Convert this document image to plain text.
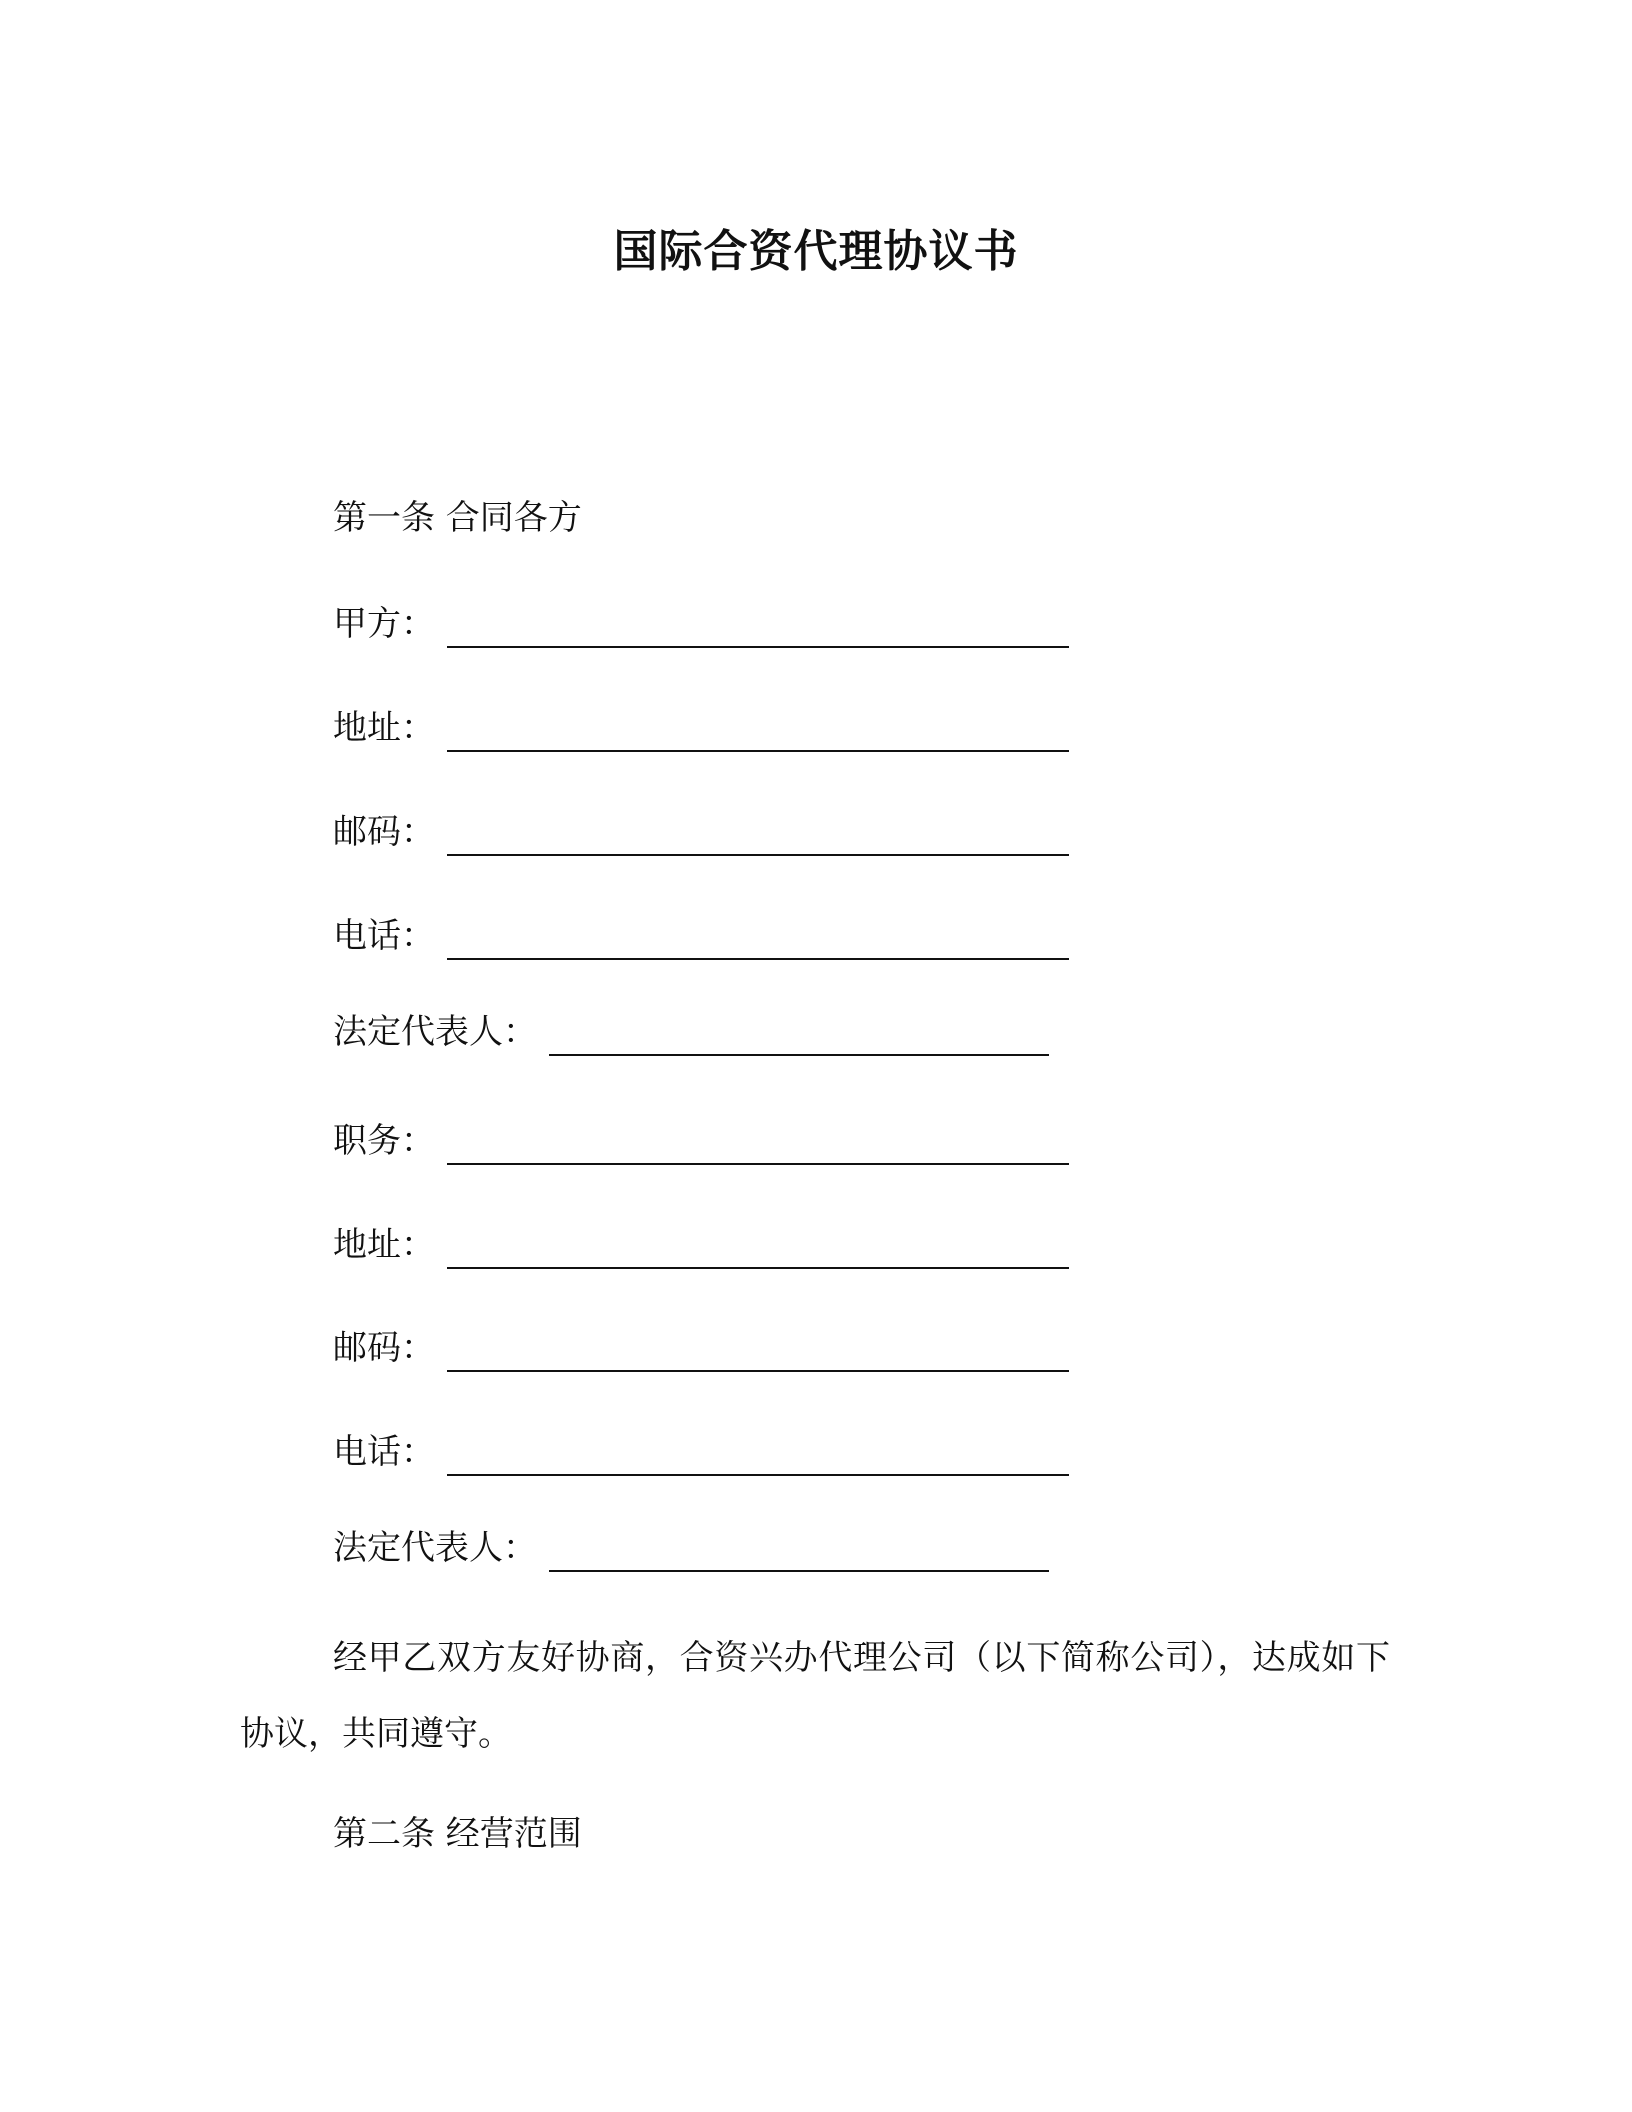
国际合资代理协议书
第一条 合同各方
甲方：
地址：
邮码：
电话：
法定代表人：
职务：
地址：
邮码：
电话：
法定代表人：
经甲乙双方友好协商，合资兴办代理公司（以下简称公司），达成如下协议，共同遵守。
第二条 经营范围
